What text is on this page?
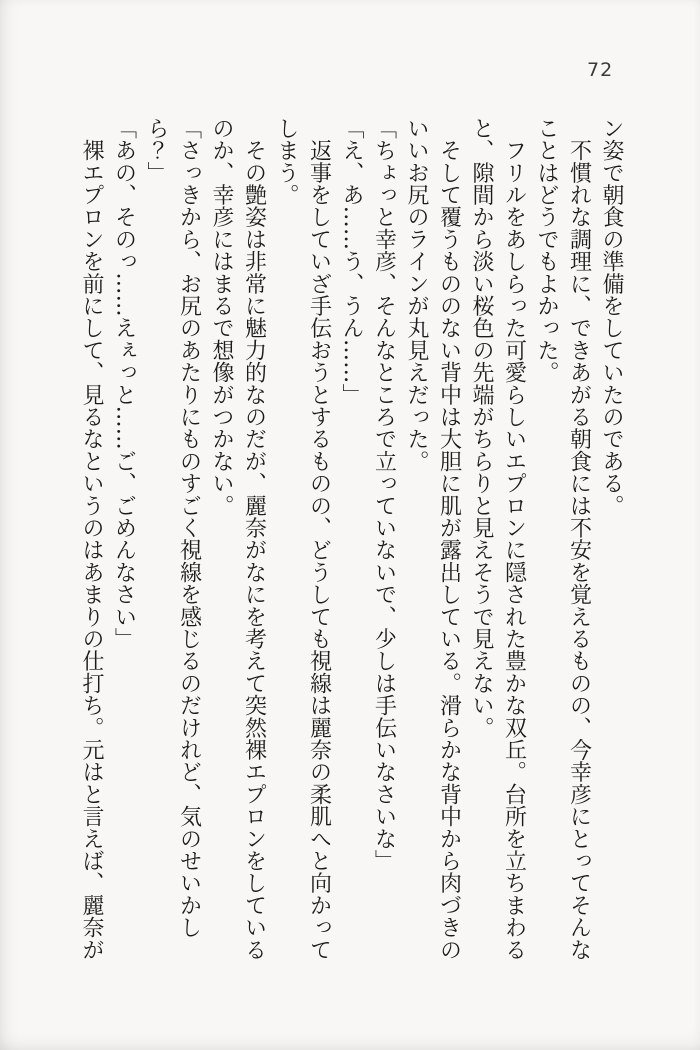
72

ン姿で朝食の準備をしていたのである。

　不慣れな調理に、できあがる朝食には不安を覚えるものの、今幸彦にとってそんな

ことはどうでもよかった。

　フリルをあしらった可愛らしいエプロンに隠された豊かな双丘。台所を立ちまわる

と、隙間から淡い桜色の先端がちらりと見えそうで見えない。

　そして覆うもののない背中は大胆に肌が露出している。滑らかな背中から肉づきの

いいお尻のラインが丸見えだった。

「ちょっと幸彦、そんなところで立っていないで、少しは手伝いなさいな」

「え、あ……う、うん……」

　返事をしていざ手伝おうとするものの、どうしても視線は麗奈の柔肌へと向かって

しまう。

　その艶姿は非常に魅力的なのだが、麗奈がなにを考えて突然裸エプロンをしている

のか、幸彦にはまるで想像がつかない。

「さっきから、お尻のあたりにものすごく視線を感じるのだけれど、気のせいかし

ら？」

「あの、そのっ……えぇっと……ご、ごめんなさい」

　裸エプロンを前にして、見るなというのはあまりの仕打ち。元はと言えば、麗奈が
